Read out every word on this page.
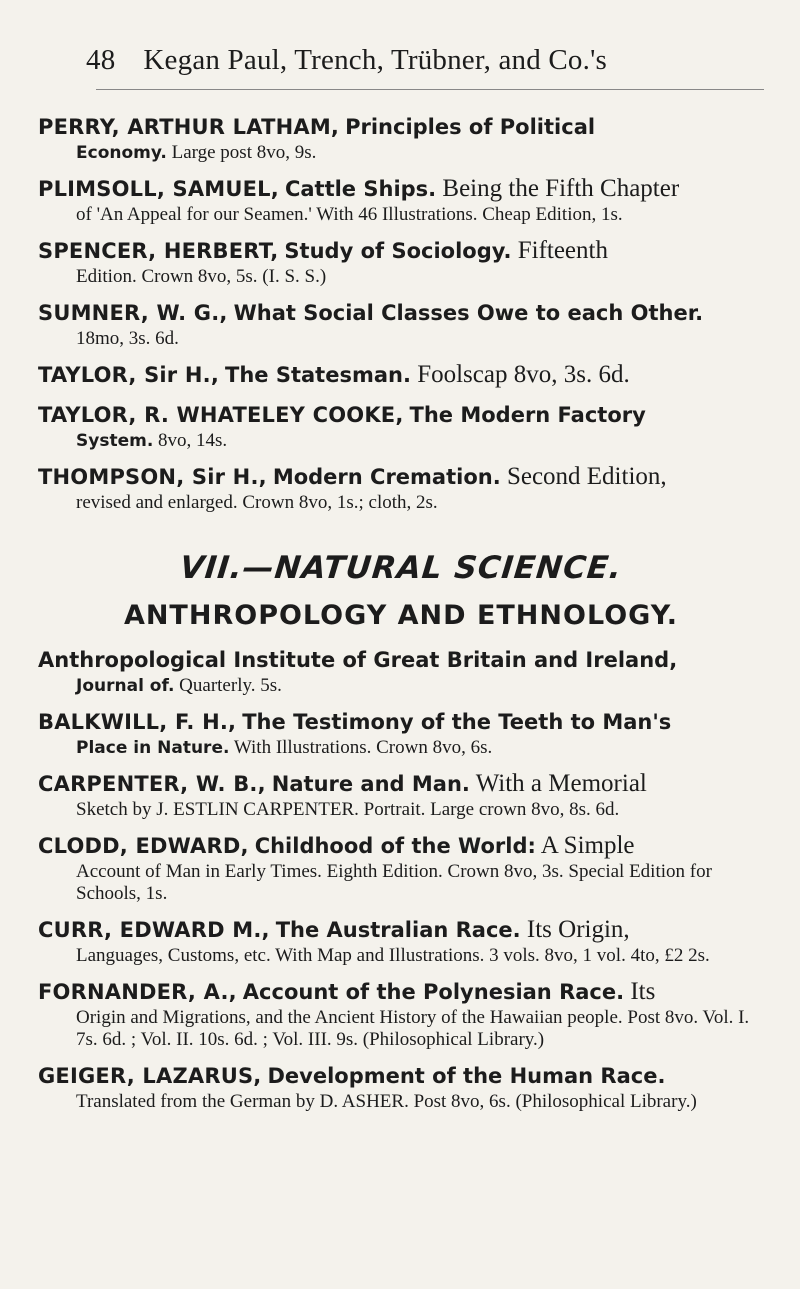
48 Kegan Paul, Trench, Trübner, and Co.'s
PERRY, ARTHUR LATHAM, Principles of Political
Economy. Large post 8vo, 9s.
PLIMSOLL, SAMUEL, Cattle Ships. Being the Fifth Chapter
of 'An Appeal for our Seamen.' With 46 Illustrations. Cheap Edition, 1s.
SPENCER, HERBERT, Study of Sociology. Fifteenth
Edition. Crown 8vo, 5s. (I. S. S.)
SUMNER, W. G., What Social Classes Owe to each Other.
18mo, 3s. 6d.
TAYLOR, Sir H., The Statesman. Foolscap 8vo, 3s. 6d.
TAYLOR, R. WHATELEY COOKE, The Modern Factory
System. 8vo, 14s.
THOMPSON, Sir H., Modern Cremation. Second Edition,
revised and enlarged. Crown 8vo, 1s.; cloth, 2s.
VII.—NATURAL SCIENCE.
ANTHROPOLOGY AND ETHNOLOGY.
Anthropological Institute of Great Britain and Ireland,
Journal of. Quarterly. 5s.
BALKWILL, F. H., The Testimony of the Teeth to Man's
Place in Nature. With Illustrations. Crown 8vo, 6s.
CARPENTER, W. B., Nature and Man. With a Memorial
Sketch by J. ESTLIN CARPENTER. Portrait. Large crown 8vo, 8s. 6d.
CLODD, EDWARD, Childhood of the World: A Simple
Account of Man in Early Times. Eighth Edition. Crown 8vo, 3s. Special Edition for Schools, 1s.
CURR, EDWARD M., The Australian Race. Its Origin,
Languages, Customs, etc. With Map and Illustrations. 3 vols. 8vo, 1 vol. 4to, £2 2s.
FORNANDER, A., Account of the Polynesian Race. Its
Origin and Migrations, and the Ancient History of the Hawaiian people. Post 8vo. Vol. I. 7s. 6d. ; Vol. II. 10s. 6d. ; Vol. III. 9s. (Philosophical Library.)
GEIGER, LAZARUS, Development of the Human Race.
Translated from the German by D. ASHER. Post 8vo, 6s. (Philosophical Library.)
